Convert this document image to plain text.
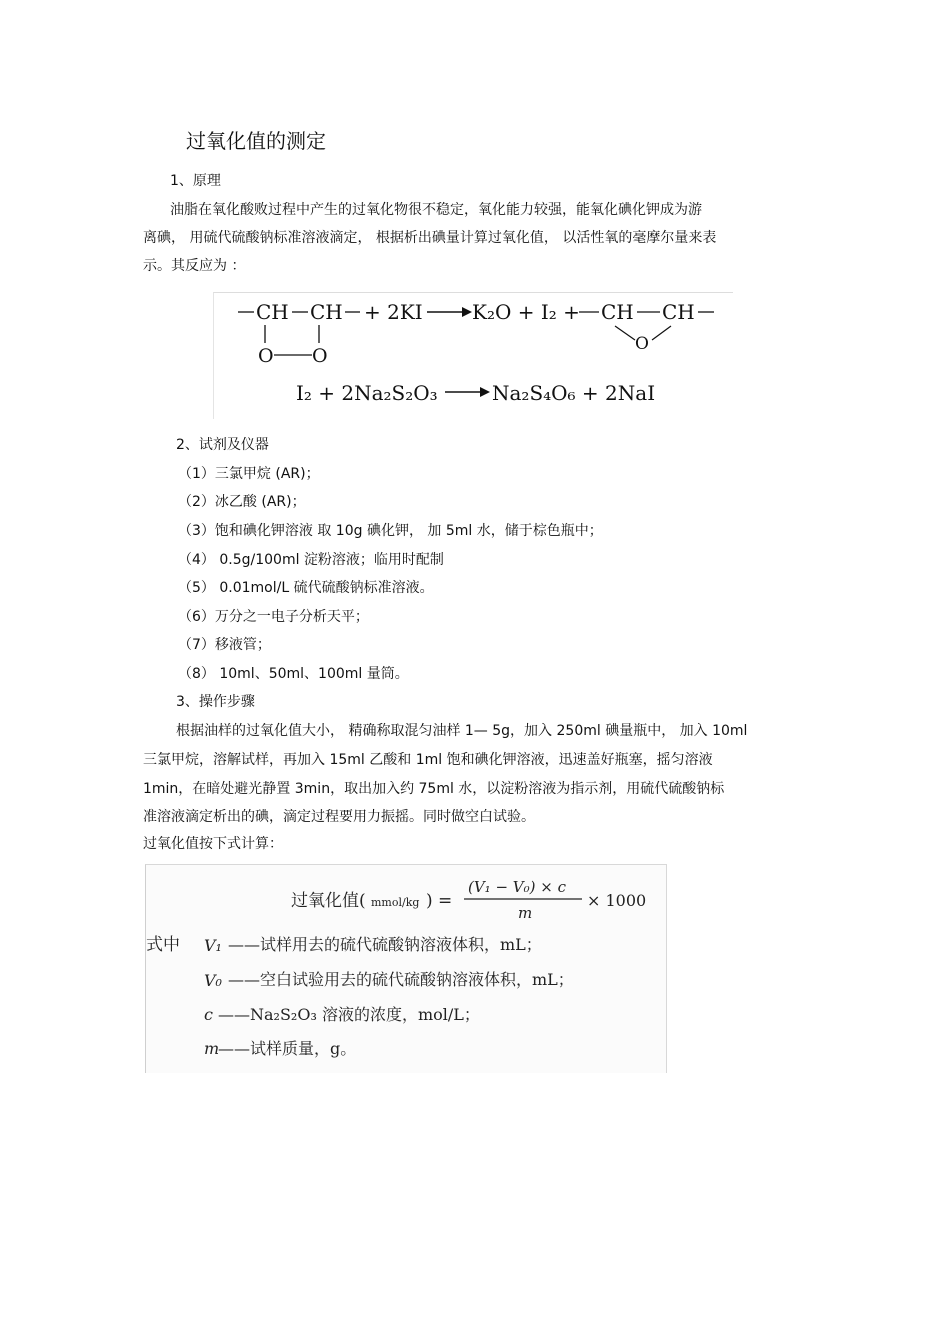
过氧化值的测定
1、原理
油脂在氧化酸败过程中产生的过氧化物很不稳定，氧化能力较强，能氧化碘化钾成为游
离碘， 用硫代硫酸钠标准溶液滴定， 根据析出碘量计算过氧化值， 以活性氧的毫摩尔量来表
示。其反应为 ：
CH CH
O O
+ 2KI K₂O + I₂ + CH CH
O
I₂ + 2Na₂S₂O₃	Na₂S₄O₆ + 2NaI
2、试剂及仪器
（1）三氯甲烷 (AR)；
（2）冰乙酸 (AR)；
（3）饱和碘化钾溶液 取 10g 碘化钾， 加 5ml 水，储于棕色瓶中；
（4） 0.5g/100ml 淀粉溶液；临用时配制
（5） 0.01mol/L 硫代硫酸钠标准溶液。
（6）万分之一电子分析天平；
（7）移液管；
（8） 10ml、50ml、100ml 量筒。
3、操作步骤
根据油样的过氧化值大小， 精确称取混匀油样 1— 5g，加入 250ml 碘量瓶中， 加入 10ml
三氯甲烷，溶解试样，再加入 15ml 乙酸和 1ml 饱和碘化钾溶液，迅速盖好瓶塞，摇匀溶液
1min，在暗处避光静置 3min，取出加入约 75ml 水，以淀粉溶液为指示剂，用硫代硫酸钠标
准溶液滴定析出的碘，滴定过程要用力振摇。同时做空白试验。
过氧化值按下式计算：
过氧化值( mmol/kg ) =
(V₁ − V₀) × c
m
× 1000
式中 V₁ ——试样用去的硫代硫酸钠溶液体积，mL；
V₀ ——空白试验用去的硫代硫酸钠溶液体积，mL；
c ——Na₂S₂O₃ 溶液的浓度，mol/L；
m
——试样质量，g。
